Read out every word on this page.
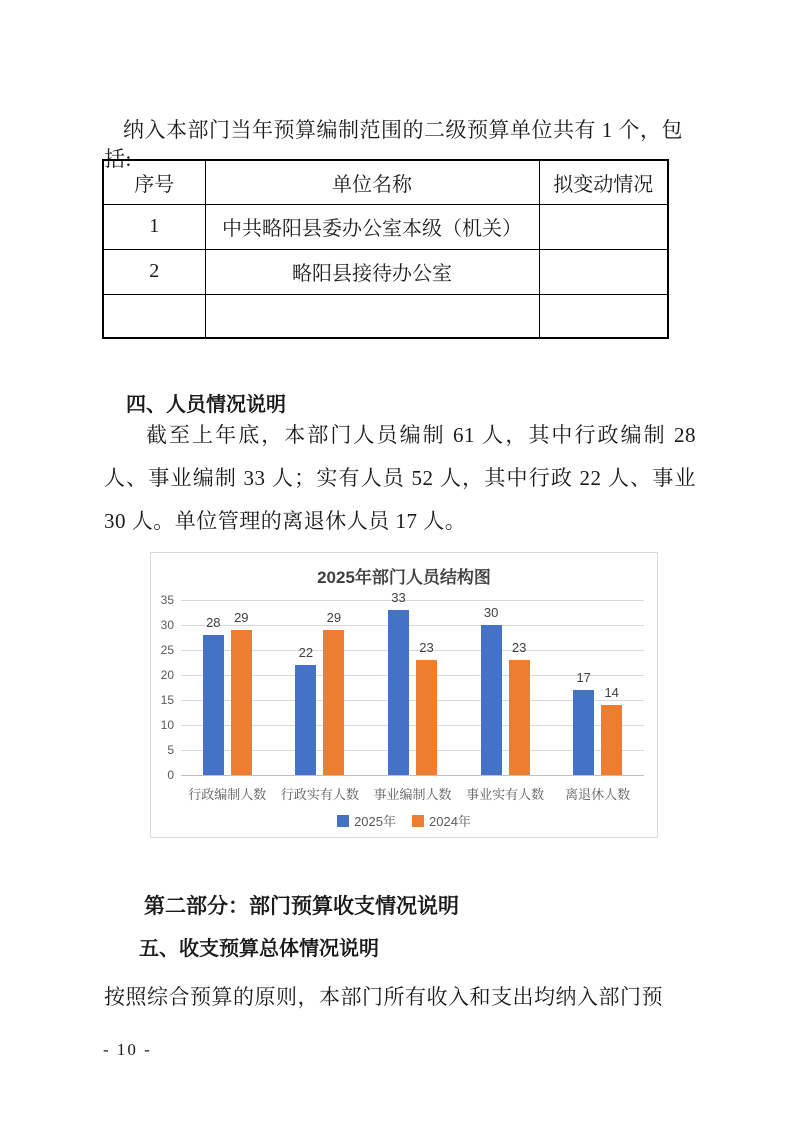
纳入本部门当年预算编制范围的二级预算单位共有 1 个，包括:

序号	单位名称	拟变动情况
1	中共略阳县委办公室本级（机关）	
2	略阳县接待办公室	

四、人员情况说明

截至上年底，本部门人员编制 61 人，其中行政编制 28 人、事业编制 33 人；实有人员 52 人，其中行政 22 人、事业 30 人。单位管理的离退休人员 17 人。

2025年部门人员结构图
0
5
10
15
20
25
30
35
28 29
行政编制人数
22
29
行政实有人数
33
23
事业编制人数
30
23
事业实有人数
17
14
离退休人数
2025年	2024年
第二部分：部门预算收支情况说明
五、收支预算总体情况说明

按照综合预算的原则，本部门所有收入和支出均纳入部门预

- 10 -
